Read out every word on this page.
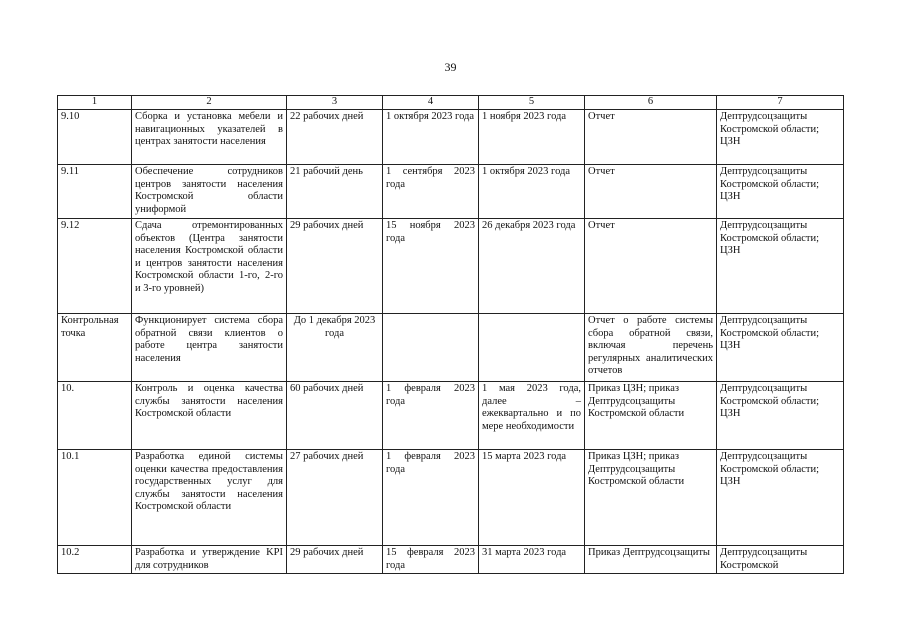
39
1	2	3	4	5	6	7
9.10	Сборка и установка мебели и навигационных указателей в центрах занятости населения	22 рабочих дней	1 октября 2023 года	1 ноября 2023 года	Отчет	Дептрудсоцзащиты Костромской области; ЦЗН
9.11	Обеспечение сотрудников центров занятости населения Костромской области униформой	21 рабочий день	1 сентября 2023 года	1 октября 2023 года	Отчет	Дептрудсоцзащиты Костромской области; ЦЗН
9.12	Сдача отремонтированных объектов (Центра занятости населения Костромской области и центров занятости населения Костромской области 1-го, 2-го и 3-го уровней)	29 рабочих дней	15 ноября 2023 года	26 декабря 2023 года	Отчет	Дептрудсоцзащиты Костромской области; ЦЗН
Контрольная точка	Функционирует система сбора обратной связи клиентов о работе центра занятости населения	До 1 декабря 2023 года			Отчет о работе системы сбора обратной связи, включая перечень регулярных аналитических отчетов	Дептрудсоцзащиты Костромской области; ЦЗН
10.	Контроль и оценка качества службы занятости населения Костромской области	60 рабочих дней	1 февраля 2023 года	1 мая 2023 года, далее – ежеквартально и по мере необходимости	Приказ ЦЗН; приказ Дептрудсоцзащиты Костромской области	Дептрудсоцзащиты Костромской области; ЦЗН
10.1	Разработка единой системы оценки качества предоставления государственных услуг для службы занятости населения Костромской области	27 рабочих дней	1 февраля 2023 года	15 марта 2023 года	Приказ ЦЗН; приказ Дептрудсоцзащиты Костромской области	Дептрудсоцзащиты Костромской области; ЦЗН
10.2	Разработка и утверждение KPI для сотрудников	29 рабочих дней	15 февраля 2023 года	31 марта 2023 года	Приказ Дептрудсоцзащиты	Дептрудсоцзащиты Костромской
